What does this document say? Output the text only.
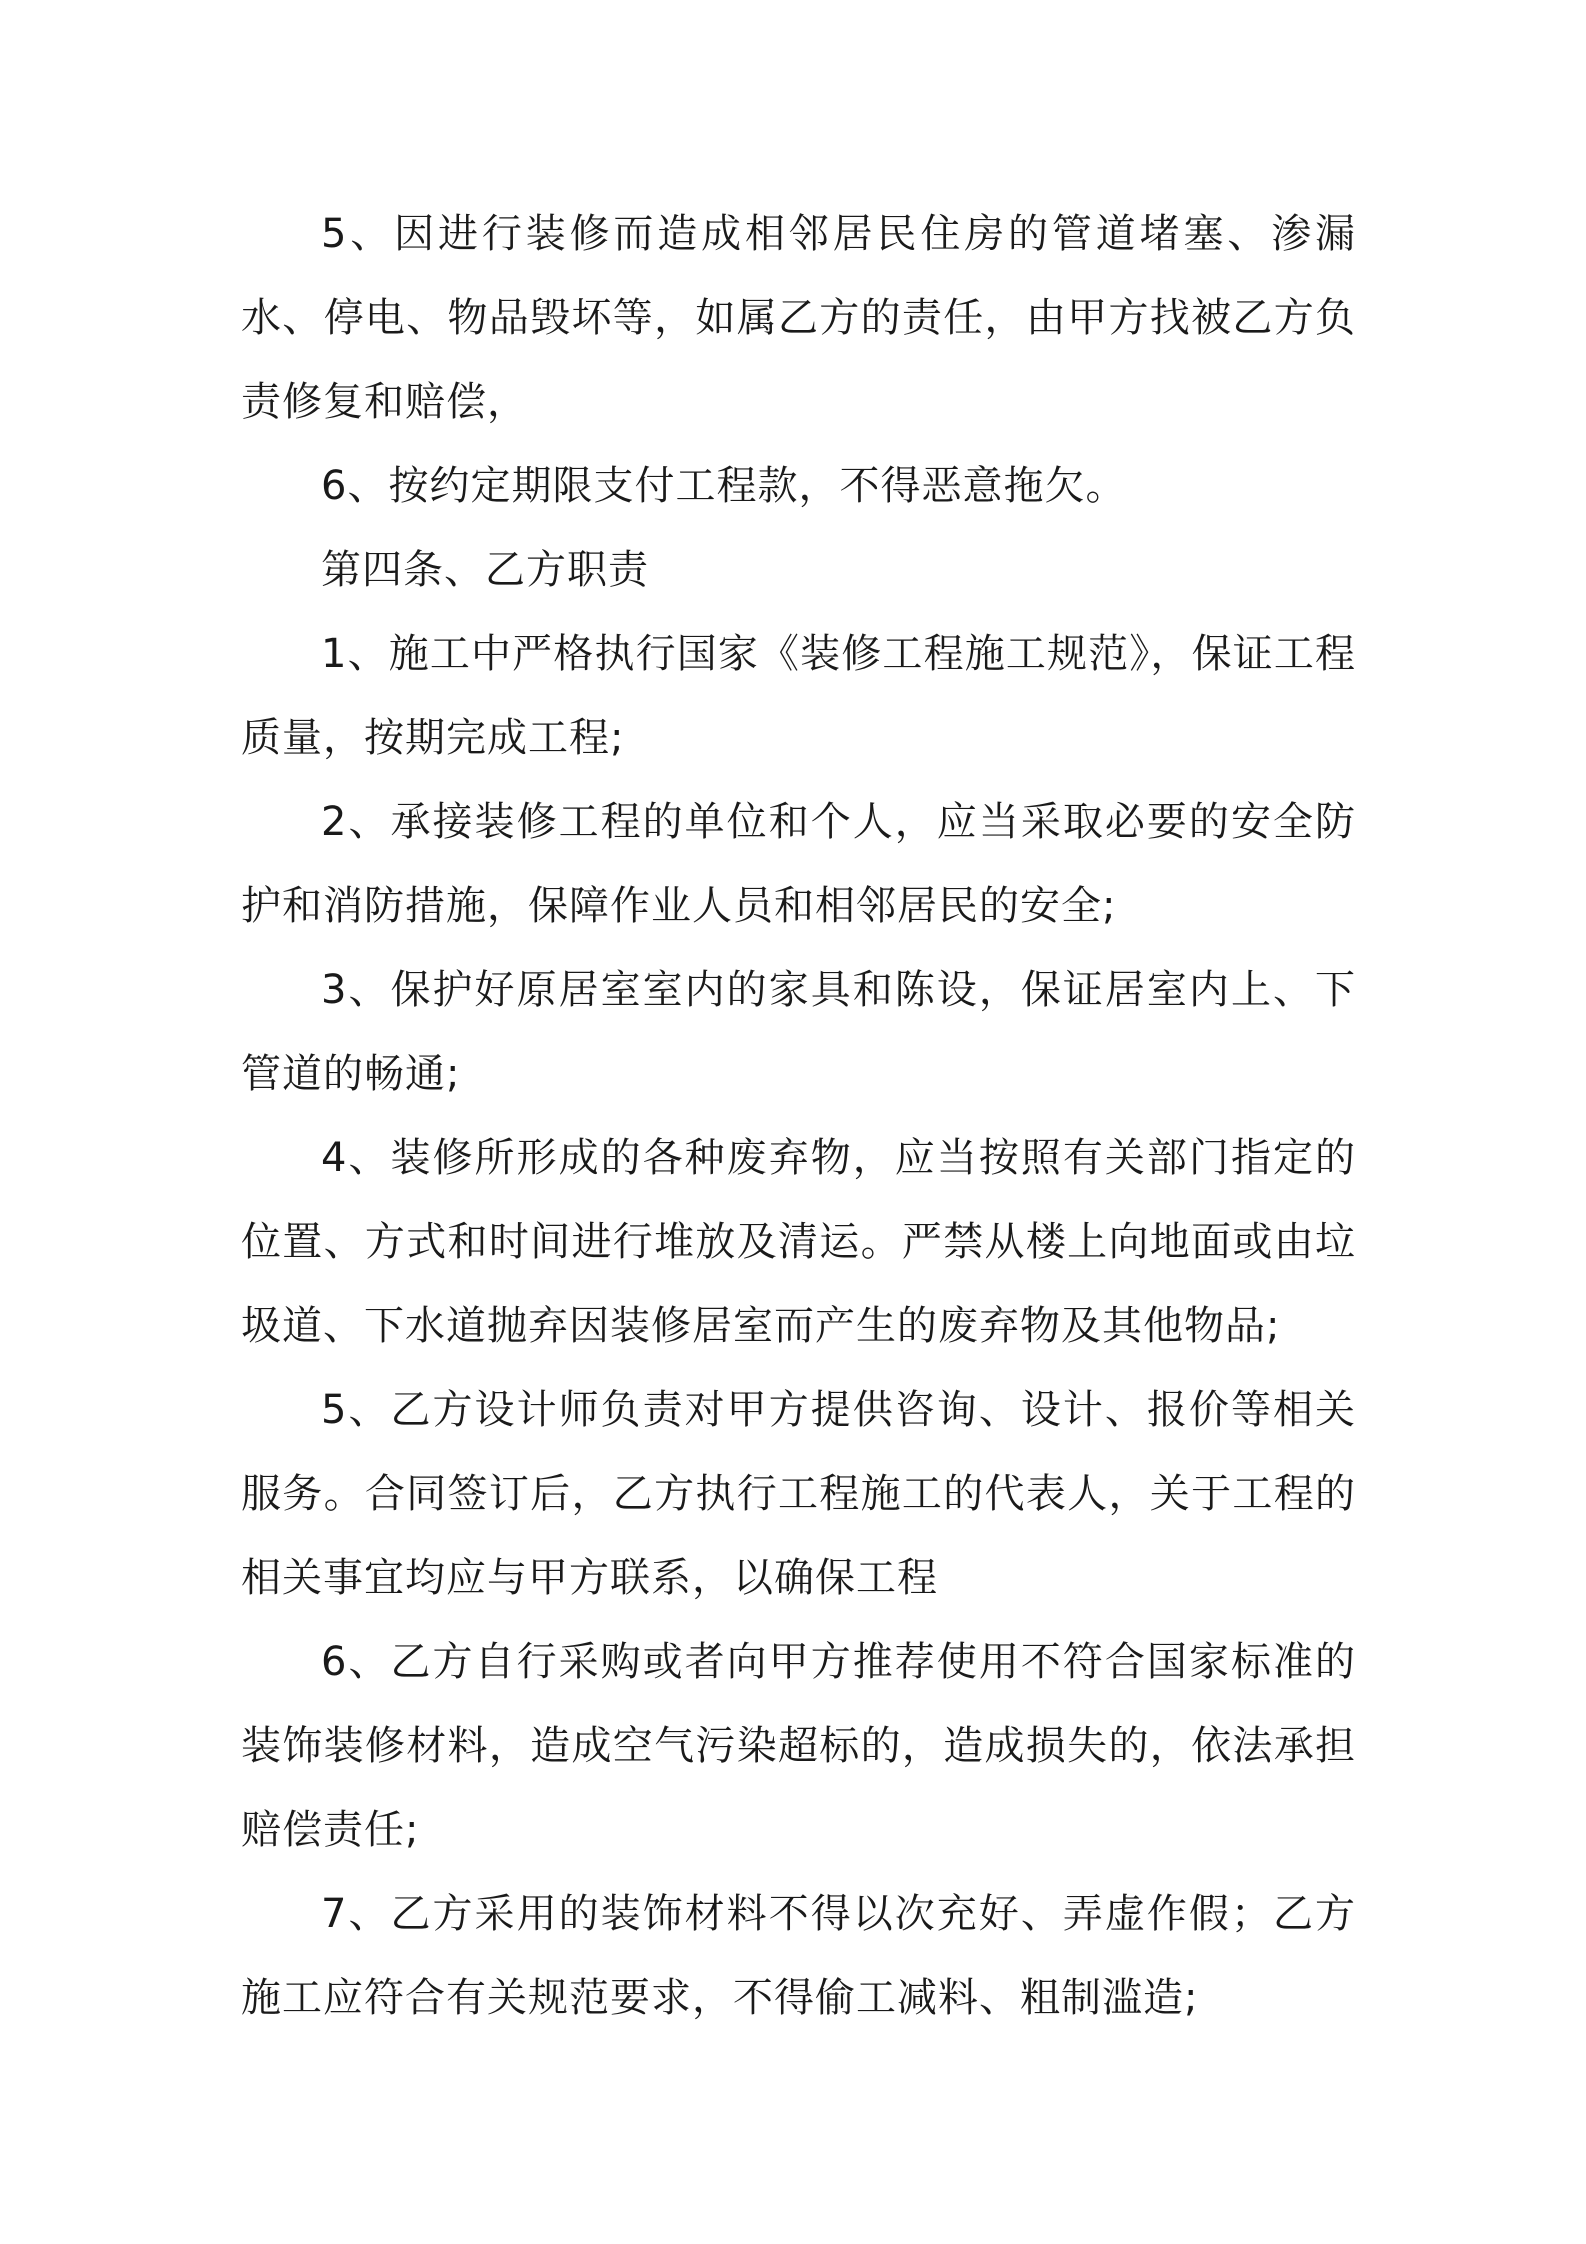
5、因进行装修而造成相邻居民住房的管道堵塞、渗漏水、停电、物品毁坏等，如属乙方的责任，由甲方找被乙方负责修复和赔偿，

6、按约定期限支付工程款，不得恶意拖欠。

第四条、乙方职责

1、施工中严格执行国家《装修工程施工规范》，保证工程质量，按期完成工程;

2、承接装修工程的单位和个人，应当采取必要的安全防护和消防措施，保障作业人员和相邻居民的安全;

3、保护好原居室室内的家具和陈设，保证居室内上、下管道的畅通;

4、装修所形成的各种废弃物，应当按照有关部门指定的位置、方式和时间进行堆放及清运。严禁从楼上向地面或由垃圾道、下水道抛弃因装修居室而产生的废弃物及其他物品;

5、乙方设计师负责对甲方提供咨询、设计、报价等相关服务。合同签订后，乙方执行工程施工的代表人，关于工程的相关事宜均应与甲方联系，以确保工程

6、乙方自行采购或者向甲方推荐使用不符合国家标准的装饰装修材料，造成空气污染超标的，造成损失的，依法承担赔偿责任;

7、乙方采用的装饰材料不得以次充好、弄虚作假；乙方施工应符合有关规范要求，不得偷工减料、粗制滥造;
